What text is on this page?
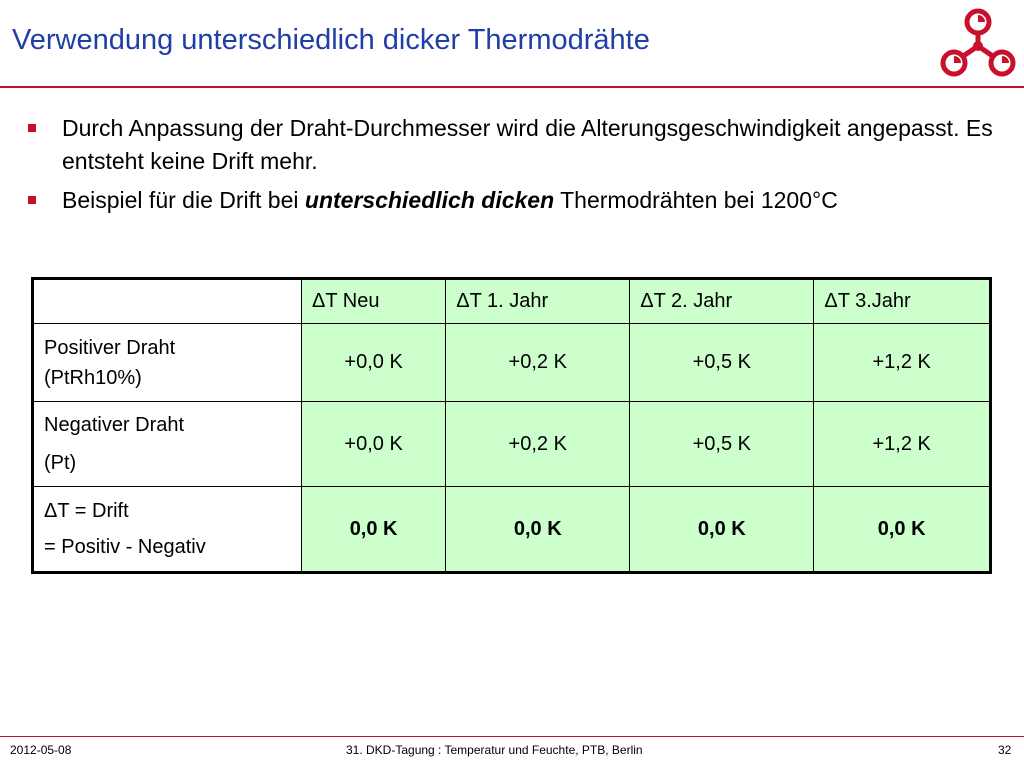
Verwendung unterschiedlich dicker Thermodrähte
Durch Anpassung der Draht-Durchmesser wird die Alterungsgeschwindigkeit angepasst. Es entsteht keine Drift mehr.
Beispiel für die Drift bei unterschiedlich dicken Thermodrähten bei 1200°C
	ΔT Neu	ΔT 1. Jahr	ΔT 2. Jahr	ΔT 3.Jahr

Positiver Draht
(PtRh10%)	+0,0 K	+0,2 K	+0,5 K	+1,2 K

Negativer Draht
(Pt)	+0,0 K	+0,2 K	+0,5 K	+1,2 K

ΔT = Drift
= Positiv - Negativ	0,0 K	0,0 K	0,0 K	0,0 K
2012-05-08	31. DKD-Tagung : Temperatur und Feuchte, PTB, Berlin	32
